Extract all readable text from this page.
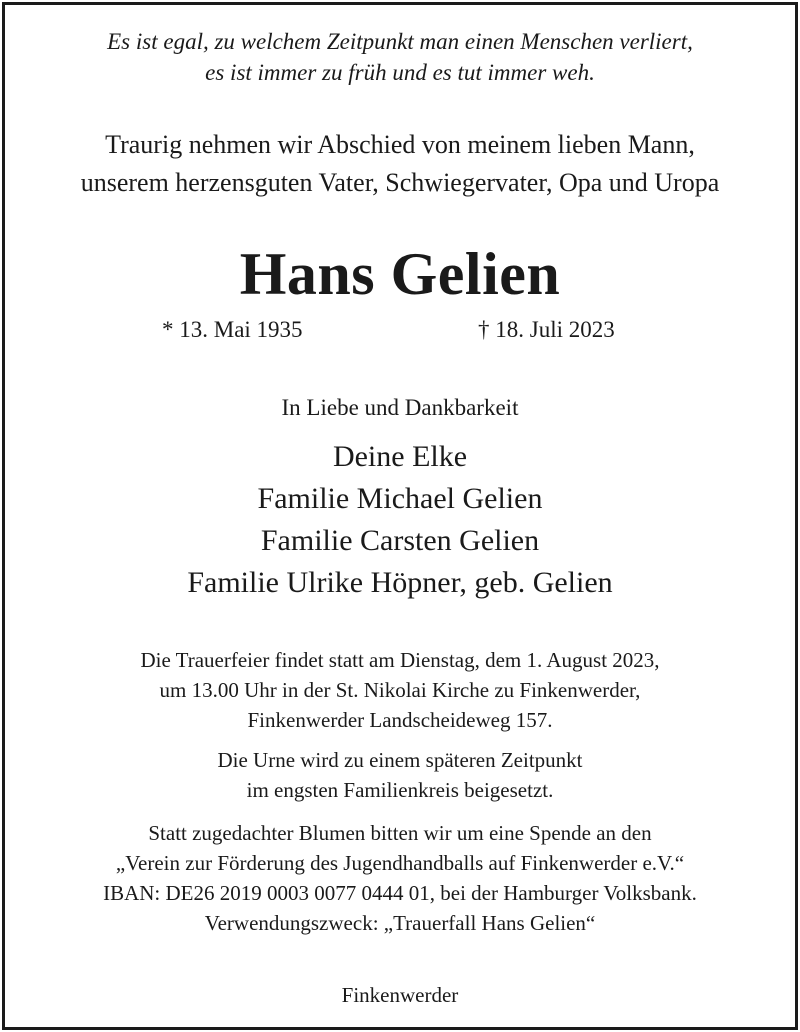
Es ist egal, zu welchem Zeitpunkt man einen Menschen verliert,
es ist immer zu früh und es tut immer weh.
Traurig nehmen wir Abschied von meinem lieben Mann,
unserem herzensguten Vater, Schwiegervater, Opa und Uropa
Hans Gelien
* 13. Mai 1935	† 18. Juli 2023
In Liebe und Dankbarkeit
Deine Elke
Familie Michael Gelien
Familie Carsten Gelien
Familie Ulrike Höpner, geb. Gelien
Die Trauerfeier findet statt am Dienstag, dem 1. August 2023,
um 13.00 Uhr in der St. Nikolai Kirche zu Finkenwerder,
Finkenwerder Landscheideweg 157.
Die Urne wird zu einem späteren Zeitpunkt
im engsten Familienkreis beigesetzt.
Statt zugedachter Blumen bitten wir um eine Spende an den
„Verein zur Förderung des Jugendhandballs auf Finkenwerder e.V.“
IBAN: DE26 2019 0003 0077 0444 01, bei der Hamburger Volksbank.
Verwendungszweck: „Trauerfall Hans Gelien“
Finkenwerder
